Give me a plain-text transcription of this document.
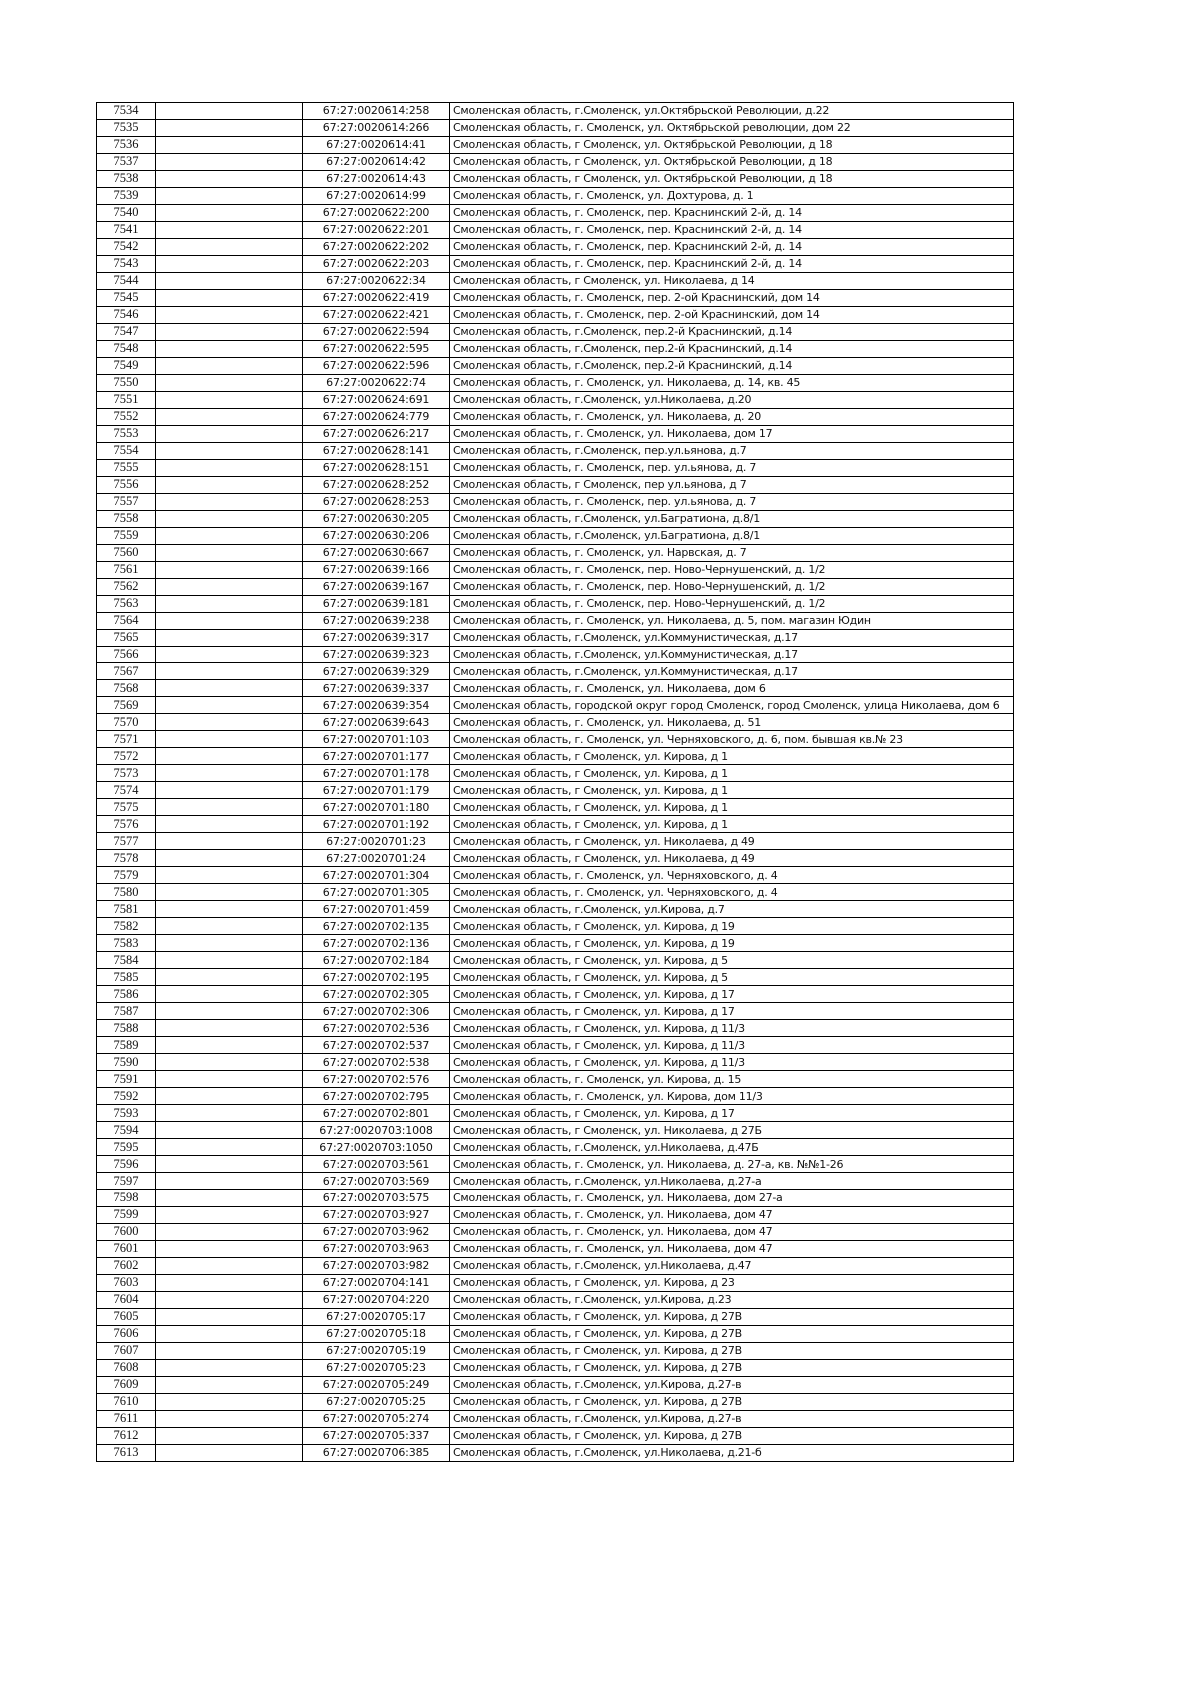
7534		67:27:0020614:258	Смоленская область, г.Смоленск, ул.Октябрьской Революции, д.22
7535		67:27:0020614:266	Смоленская область, г. Смоленск, ул. Октябрьской революции, дом 22
7536		67:27:0020614:41	Смоленская область, г Смоленск, ул. Октябрьской Революции, д 18
7537		67:27:0020614:42	Смоленская область, г Смоленск, ул. Октябрьской Революции, д 18
7538		67:27:0020614:43	Смоленская область, г Смоленск, ул. Октябрьской Революции, д 18
7539		67:27:0020614:99	Смоленская область, г. Смоленск, ул. Дохтурова, д. 1
7540		67:27:0020622:200	Смоленская область, г. Смоленск, пер. Краснинский 2-й, д. 14
7541		67:27:0020622:201	Смоленская область, г. Смоленск, пер. Краснинский 2-й, д. 14
7542		67:27:0020622:202	Смоленская область, г. Смоленск, пер. Краснинский 2-й, д. 14
7543		67:27:0020622:203	Смоленская область, г. Смоленск, пер. Краснинский 2-й, д. 14
7544		67:27:0020622:34	Смоленская область, г Смоленск, ул. Николаева, д 14
7545		67:27:0020622:419	Смоленская область, г. Смоленск, пер. 2-ой Краснинский, дом 14
7546		67:27:0020622:421	Смоленская область, г. Смоленск, пер. 2-ой Краснинский, дом 14
7547		67:27:0020622:594	Смоленская область, г.Смоленск, пер.2-й Краснинский, д.14
7548		67:27:0020622:595	Смоленская область, г.Смоленск, пер.2-й Краснинский, д.14
7549		67:27:0020622:596	Смоленская область, г.Смоленск, пер.2-й Краснинский, д.14
7550		67:27:0020622:74	Смоленская область, г. Смоленск, ул. Николаева, д. 14, кв. 45
7551		67:27:0020624:691	Смоленская область, г.Смоленск, ул.Николаева, д.20
7552		67:27:0020624:779	Смоленская область, г. Смоленск, ул. Николаева, д. 20
7553		67:27:0020626:217	Смоленская область, г. Смоленск, ул. Николаева, дом 17
7554		67:27:0020628:141	Смоленская область, г.Смоленск, пер.ул.ьянова, д.7
7555		67:27:0020628:151	Смоленская область, г. Смоленск, пер. ул.ьянова, д. 7
7556		67:27:0020628:252	Смоленская область, г Смоленск, пер ул.ьянова, д 7
7557		67:27:0020628:253	Смоленская область, г. Смоленск, пер. ул.ьянова, д. 7
7558		67:27:0020630:205	Смоленская область, г.Смоленск, ул.Багратиона, д.8/1
7559		67:27:0020630:206	Смоленская область, г.Смоленск, ул.Багратиона, д.8/1
7560		67:27:0020630:667	Смоленская область, г. Смоленск, ул. Нарвская, д. 7
7561		67:27:0020639:166	Смоленская область, г. Смоленск, пер. Ново-Чернушенский, д. 1/2
7562		67:27:0020639:167	Смоленская область, г. Смоленск, пер. Ново-Чернушенский, д. 1/2
7563		67:27:0020639:181	Смоленская область, г. Смоленск, пер. Ново-Чернушенский, д. 1/2
7564		67:27:0020639:238	Смоленская область, г. Смоленск, ул. Николаева, д. 5, пом. магазин Юдин
7565		67:27:0020639:317	Смоленская область, г.Смоленск, ул.Коммунистическая, д.17
7566		67:27:0020639:323	Смоленская область, г.Смоленск, ул.Коммунистическая, д.17
7567		67:27:0020639:329	Смоленская область, г.Смоленск, ул.Коммунистическая, д.17
7568		67:27:0020639:337	Смоленская область, г. Смоленск, ул. Николаева, дом 6
7569		67:27:0020639:354	Смоленская область, городской округ город Смоленск, город Смоленск, улица Николаева, дом 6
7570		67:27:0020639:643	Смоленская область, г. Смоленск, ул. Николаева, д. 51
7571		67:27:0020701:103	Смоленская область, г. Смоленск, ул. Черняховского, д. 6, пом. бывшая кв.№ 23
7572		67:27:0020701:177	Смоленская область, г Смоленск, ул. Кирова, д 1
7573		67:27:0020701:178	Смоленская область, г Смоленск, ул. Кирова, д 1
7574		67:27:0020701:179	Смоленская область, г Смоленск, ул. Кирова, д 1
7575		67:27:0020701:180	Смоленская область, г Смоленск, ул. Кирова, д 1
7576		67:27:0020701:192	Смоленская область, г Смоленск, ул. Кирова, д 1
7577		67:27:0020701:23	Смоленская область, г Смоленск, ул. Николаева, д 49
7578		67:27:0020701:24	Смоленская область, г Смоленск, ул. Николаева, д 49
7579		67:27:0020701:304	Смоленская область, г. Смоленск, ул. Черняховского, д. 4
7580		67:27:0020701:305	Смоленская область, г. Смоленск, ул. Черняховского, д. 4
7581		67:27:0020701:459	Смоленская область, г.Смоленск, ул.Кирова, д.7
7582		67:27:0020702:135	Смоленская область, г Смоленск, ул. Кирова, д 19
7583		67:27:0020702:136	Смоленская область, г Смоленск, ул. Кирова, д 19
7584		67:27:0020702:184	Смоленская область, г Смоленск, ул. Кирова, д 5
7585		67:27:0020702:195	Смоленская область, г Смоленск, ул. Кирова, д 5
7586		67:27:0020702:305	Смоленская область, г Смоленск, ул. Кирова, д 17
7587		67:27:0020702:306	Смоленская область, г Смоленск, ул. Кирова, д 17
7588		67:27:0020702:536	Смоленская область, г Смоленск, ул. Кирова, д 11/3
7589		67:27:0020702:537	Смоленская область, г Смоленск, ул. Кирова, д 11/3
7590		67:27:0020702:538	Смоленская область, г Смоленск, ул. Кирова, д 11/3
7591		67:27:0020702:576	Смоленская область, г. Смоленск, ул. Кирова, д. 15
7592		67:27:0020702:795	Смоленская область, г. Смоленск, ул. Кирова, дом 11/3
7593		67:27:0020702:801	Смоленская область, г Смоленск, ул. Кирова, д 17
7594		67:27:0020703:1008	Смоленская область, г Смоленск, ул. Николаева, д 27Б
7595		67:27:0020703:1050	Смоленская область, г.Смоленск, ул.Николаева, д.47Б
7596		67:27:0020703:561	Смоленская область, г. Смоленск, ул. Николаева, д. 27-а, кв. №№1-26
7597		67:27:0020703:569	Смоленская область, г.Смоленск, ул.Николаева, д.27-а
7598		67:27:0020703:575	Смоленская область, г. Смоленск, ул. Николаева, дом 27-а
7599		67:27:0020703:927	Смоленская область, г. Смоленск, ул. Николаева, дом 47
7600		67:27:0020703:962	Смоленская область, г. Смоленск, ул. Николаева, дом 47
7601		67:27:0020703:963	Смоленская область, г. Смоленск, ул. Николаева, дом 47
7602		67:27:0020703:982	Смоленская область, г.Смоленск, ул.Николаева, д.47
7603		67:27:0020704:141	Смоленская область, г Смоленск, ул. Кирова, д 23
7604		67:27:0020704:220	Смоленская область, г.Смоленск, ул.Кирова, д.23
7605		67:27:0020705:17	Смоленская область, г Смоленск, ул. Кирова, д 27В
7606		67:27:0020705:18	Смоленская область, г Смоленск, ул. Кирова, д 27В
7607		67:27:0020705:19	Смоленская область, г Смоленск, ул. Кирова, д 27В
7608		67:27:0020705:23	Смоленская область, г Смоленск, ул. Кирова, д 27В
7609		67:27:0020705:249	Смоленская область, г.Смоленск, ул.Кирова, д.27-в
7610		67:27:0020705:25	Смоленская область, г Смоленск, ул. Кирова, д 27В
7611		67:27:0020705:274	Смоленская область, г.Смоленск, ул.Кирова, д.27-в
7612		67:27:0020705:337	Смоленская область, г Смоленск, ул. Кирова, д 27В
7613		67:27:0020706:385	Смоленская область, г.Смоленск, ул.Николаева, д.21-б
